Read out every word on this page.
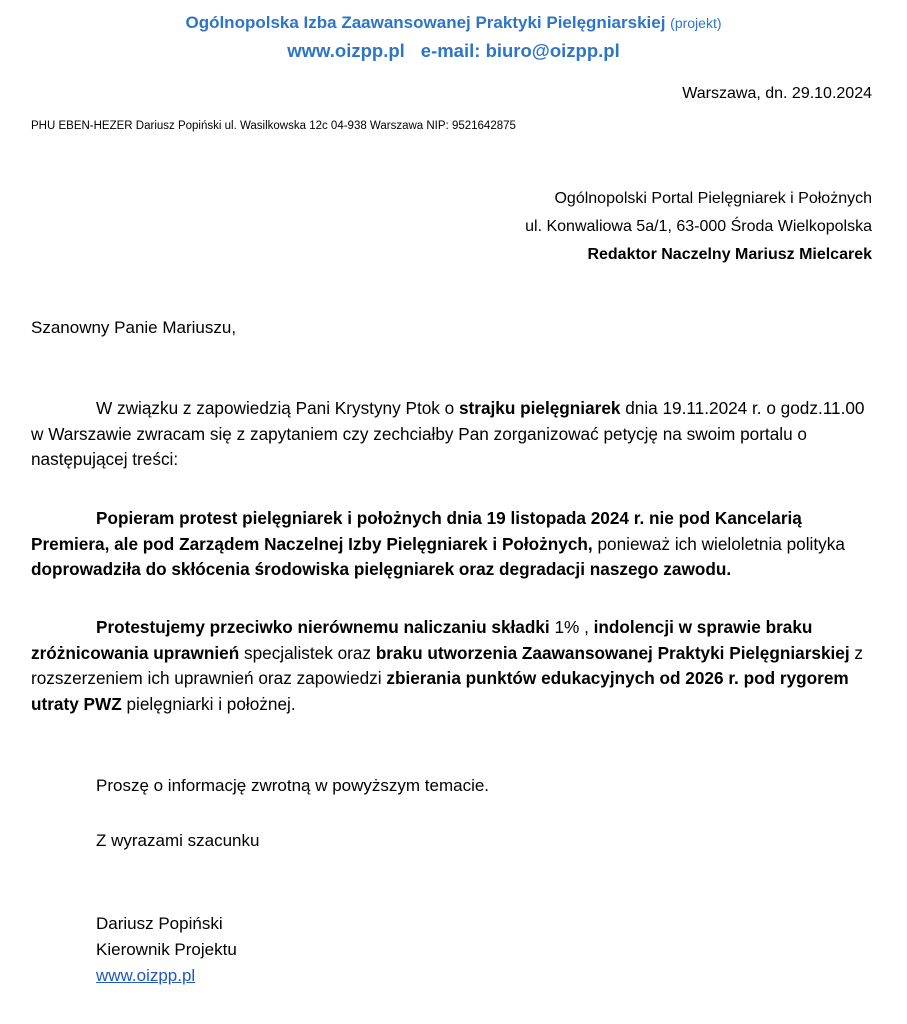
Ogólnopolska Izba Zaawansowanej Praktyki Pielęgniarskiej (projekt)
www.oizpp.pl e-mail: biuro@oizpp.pl
Warszawa, dn. 29.10.2024
PHU EBEN-HEZER Dariusz Popiński ul. Wasilkowska 12c 04-938 Warszawa NIP: 9521642875
Ogólnopolski Portal Pielęgniarek i Położnych
ul. Konwaliowa 5a/1, 63-000 Środa Wielkopolska
Redaktor Naczelny Mariusz Mielcarek
Szanowny Panie Mariuszu,
W związku z zapowiedzią Pani Krystyny Ptok o strajku pielęgniarek dnia 19.11.2024 r. o godz.11.00 w Warszawie zwracam się z zapytaniem czy zechciałby Pan zorganizować petycję na swoim portalu o następującej treści:
Popieram protest pielęgniarek i położnych dnia 19 listopada 2024 r. nie pod Kancelarią Premiera, ale pod Zarządem Naczelnej Izby Pielęgniarek i Położnych, ponieważ ich wieloletnia polityka doprowadziła do skłócenia środowiska pielęgniarek oraz degradacji naszego zawodu.
Protestujemy przeciwko nierównemu naliczaniu składki 1% , indolencji w sprawie braku zróżnicowania uprawnień specjalistek oraz braku utworzenia Zaawansowanej Praktyki Pielęgniarskiej z rozszerzeniem ich uprawnień oraz zapowiedzi zbierania punktów edukacyjnych od 2026 r. pod rygorem utraty PWZ pielęgniarki i położnej.
Proszę o informację zwrotną w powyższym temacie.
Z wyrazami szacunku
Dariusz Popiński
Kierownik Projektu
www.oizpp.pl
